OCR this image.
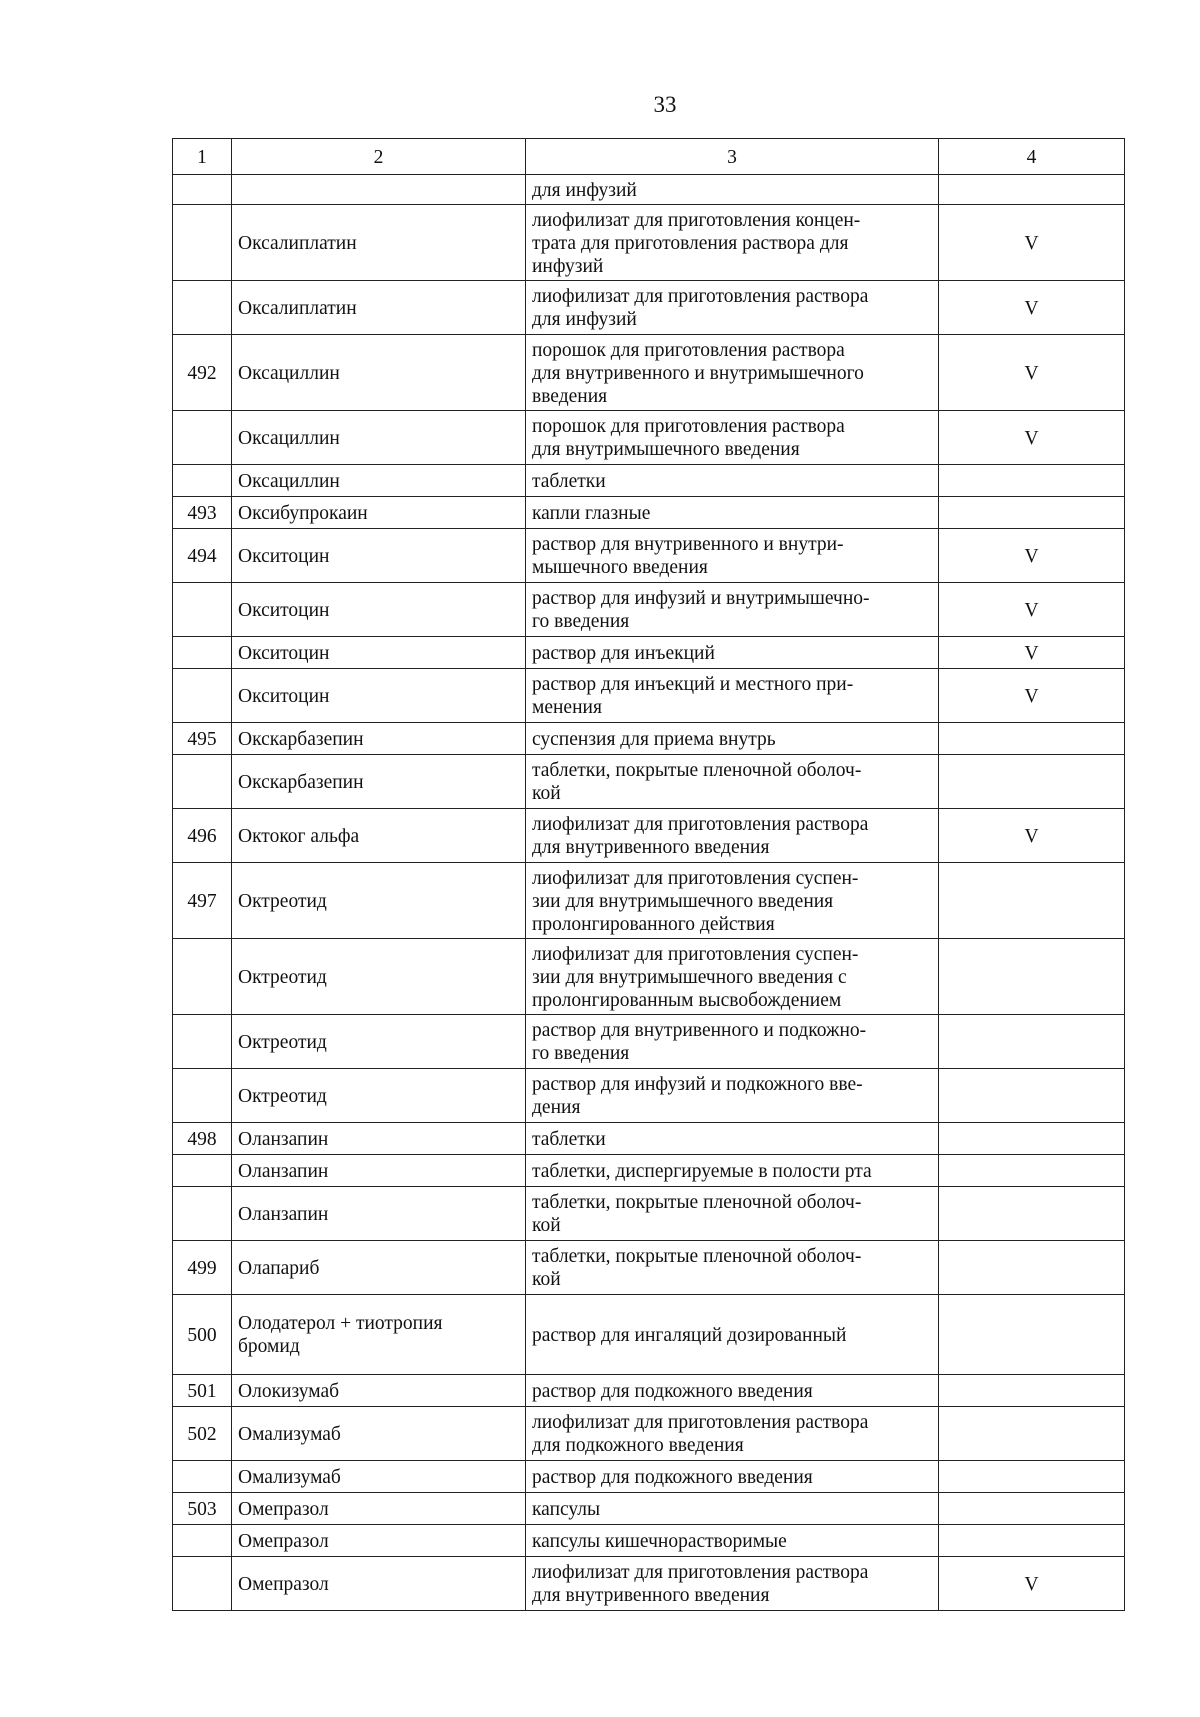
33
1	2	3	4
		для инфузий	
	Оксалиплатин	лиофилизат для приготовления концен-
трата для приготовления раствора для
инфузий	V
	Оксалиплатин	лиофилизат для приготовления раствора
для инфузий	V
492	Оксациллин	порошок для приготовления раствора
для внутривенного и внутримышечного
введения	V
	Оксациллин	порошок для приготовления раствора
для внутримышечного введения	V
	Оксациллин	таблетки	
493	Оксибупрокаин	капли глазные	
494	Окситоцин	раствор для внутривенного и внутри-
мышечного введения	V
	Окситоцин	раствор для инфузий и внутримышечно-
го введения	V
	Окситоцин	раствор для инъекций	V
	Окситоцин	раствор для инъекций и местного при-
менения	V
495	Окскарбазепин	суспензия для приема внутрь	
	Окскарбазепин	таблетки, покрытые пленочной оболоч-
кой	
496	Октоког альфа	лиофилизат для приготовления раствора
для внутривенного введения	V
497	Октреотид	лиофилизат для приготовления суспен-
зии для внутримышечного введения
пролонгированного действия	
	Октреотид	лиофилизат для приготовления суспен-
зии для внутримышечного введения с
пролонгированным высвобождением	
	Октреотид	раствор для внутривенного и подкожно-
го введения	
	Октреотид	раствор для инфузий и подкожного вве-
дения	
498	Оланзапин	таблетки	
	Оланзапин	таблетки, диспергируемые в полости рта	
	Оланзапин	таблетки, покрытые пленочной оболоч-
кой	
499	Олапариб	таблетки, покрытые пленочной оболоч-
кой	
500	Олодатерол + тиотропия
бромид	раствор для ингаляций дозированный	
501	Олокизумаб	раствор для подкожного введения	
502	Омализумаб	лиофилизат для приготовления раствора
для подкожного введения	
	Омализумаб	раствор для подкожного введения	
503	Омепразол	капсулы	
	Омепразол	капсулы кишечнорастворимые	
	Омепразол	лиофилизат для приготовления раствора
для внутривенного введения	V
